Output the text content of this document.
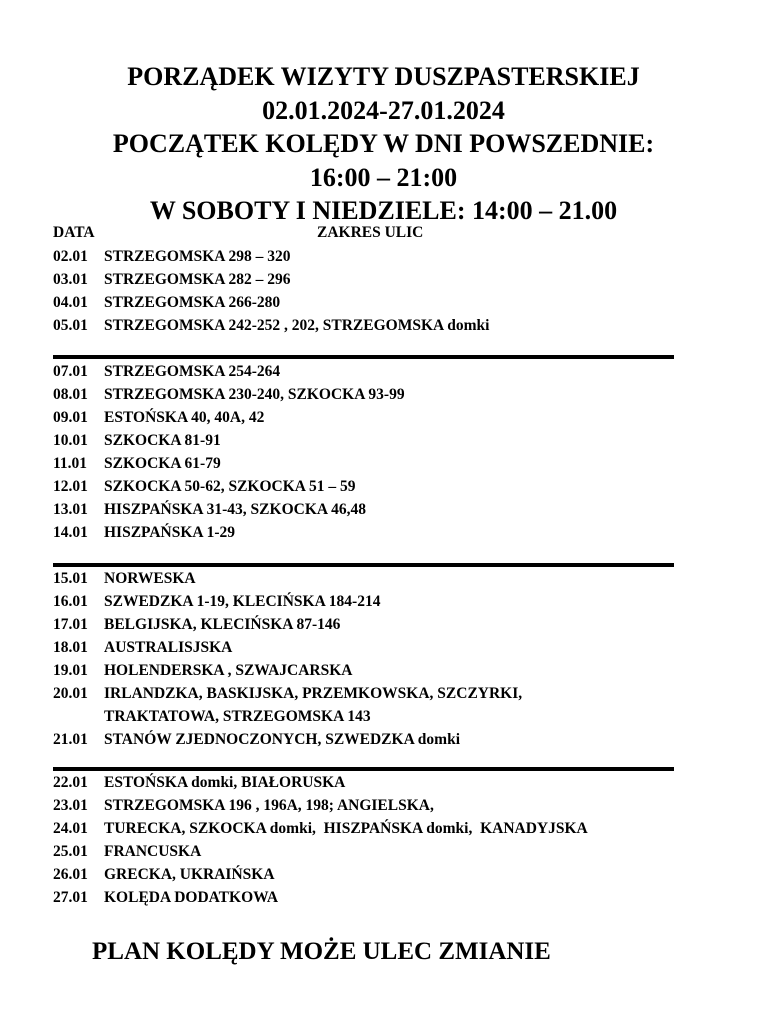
PORZĄDEK WIZYTY DUSZPASTERSKIEJ
02.01.2024-27.01.2024
POCZĄTEK KOLĘDY W DNI POWSZEDNIE:
16:00 – 21:00
W SOBOTY I NIEDZIELE: 14:00 – 21.00
DATA	ZAKRES ULIC
02.01	STRZEGOMSKA 298 – 320
03.01	STRZEGOMSKA 282 – 296
04.01	STRZEGOMSKA 266-280
05.01	STRZEGOMSKA 242-252 , 202, STRZEGOMSKA domki
07.01	STRZEGOMSKA 254-264
08.01	STRZEGOMSKA 230-240, SZKOCKA 93-99
09.01	ESTOŃSKA 40, 40A, 42
10.01	SZKOCKA 81-91
11.01	SZKOCKA 61-79
12.01	SZKOCKA 50-62, SZKOCKA 51 – 59
13.01	HISZPAŃSKA 31-43, SZKOCKA 46,48
14.01	HISZPAŃSKA 1-29
15.01	NORWESKA
16.01	SZWEDZKA 1-19, KLECIŃSKA 184-214
17.01	BELGIJSKA, KLECIŃSKA 87-146
18.01	AUSTRALISJSKA
19.01	HOLENDERSKA , SZWAJCARSKA
20.01	IRLANDZKA, BASKIJSKA, PRZEMKOWSKA, SZCZYRKI,
TRAKTATOWA, STRZEGOMSKA 143
21.01	STANÓW ZJEDNOCZONYCH, SZWEDZKA domki
22.01	ESTOŃSKA domki, BIAŁORUSKA
23.01	STRZEGOMSKA 196 , 196A, 198; ANGIELSKA,
24.01	TURECKA, SZKOCKA domki,  HISZPAŃSKA domki,  KANADYJSKA
25.01	FRANCUSKA
26.01	GRECKA, UKRAIŃSKA
27.01	KOLĘDA DODATKOWA
PLAN KOLĘDY MOŻE ULEC ZMIANIE
